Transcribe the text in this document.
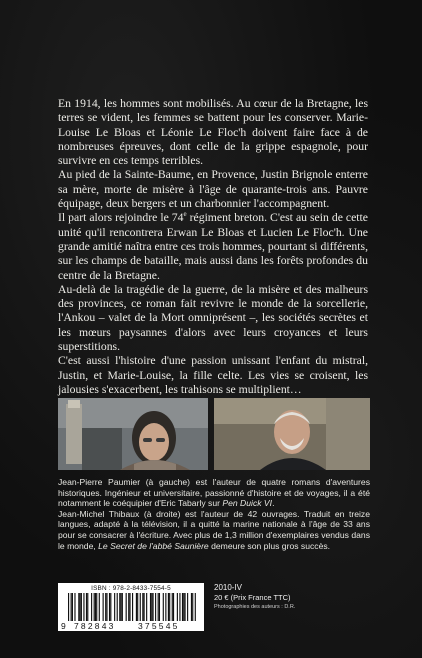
En 1914, les hommes sont mobilisés. Au cœur de la Bretagne, les terres se vident, les femmes se battent pour les conserver. Marie-Louise Le Bloas et Léonie Le Floc'h doivent faire face à de nombreuses épreuves, dont celle de la grippe espagnole, pour survivre en ces temps terribles.

Au pied de la Sainte-Baume, en Provence, Justin Brignole enterre sa mère, morte de misère à l'âge de quarante-trois ans. Pauvre équipage, deux bergers et un charbonnier l'accompagnent.

Il part alors rejoindre le 74e régiment breton. C'est au sein de cette unité qu'il rencontrera Erwan Le Bloas et Lucien Le Floc'h. Une grande amitié naîtra entre ces trois hommes, pourtant si différents, sur les champs de bataille, mais aussi dans les forêts profondes du centre de la Bretagne.

Au-delà de la tragédie de la guerre, de la misère et des malheurs des provinces, ce roman fait revivre le monde de la sorcellerie, l'Ankou – valet de la Mort omniprésent –, les sociétés secrètes et les mœurs paysannes d'alors avec leurs croyances et leurs superstitions.

C'est aussi l'histoire d'une passion unissant l'enfant du mistral, Justin, et Marie-Louise, la fille celte. Les vies se croisent, les jalousies s'exacerbent, les trahisons se multiplient…

Jean-Pierre Paumier (à gauche) est l'auteur de quatre romans d'aventures historiques. Ingénieur et universitaire, passionné d'histoire et de voyages, il a été notamment le coéquipier d'Eric Tabarly sur Pen Duick VI.

Jean-Michel Thibaux (à droite) est l'auteur de 42 ouvrages. Traduit en treize langues, adapté à la télévision, il a quitté la marine nationale à l'âge de 33 ans pour se consacrer à l'écriture. Avec plus de 1,3 million d'exemplaires vendus dans le monde, Le Secret de l'abbé Saunière demeure son plus gros succès.

ISBN : 978-2-8433-7554-5
9 782843	375545
2010-IV
20 € (Prix France TTC)
Photographies des auteurs : D.R.
